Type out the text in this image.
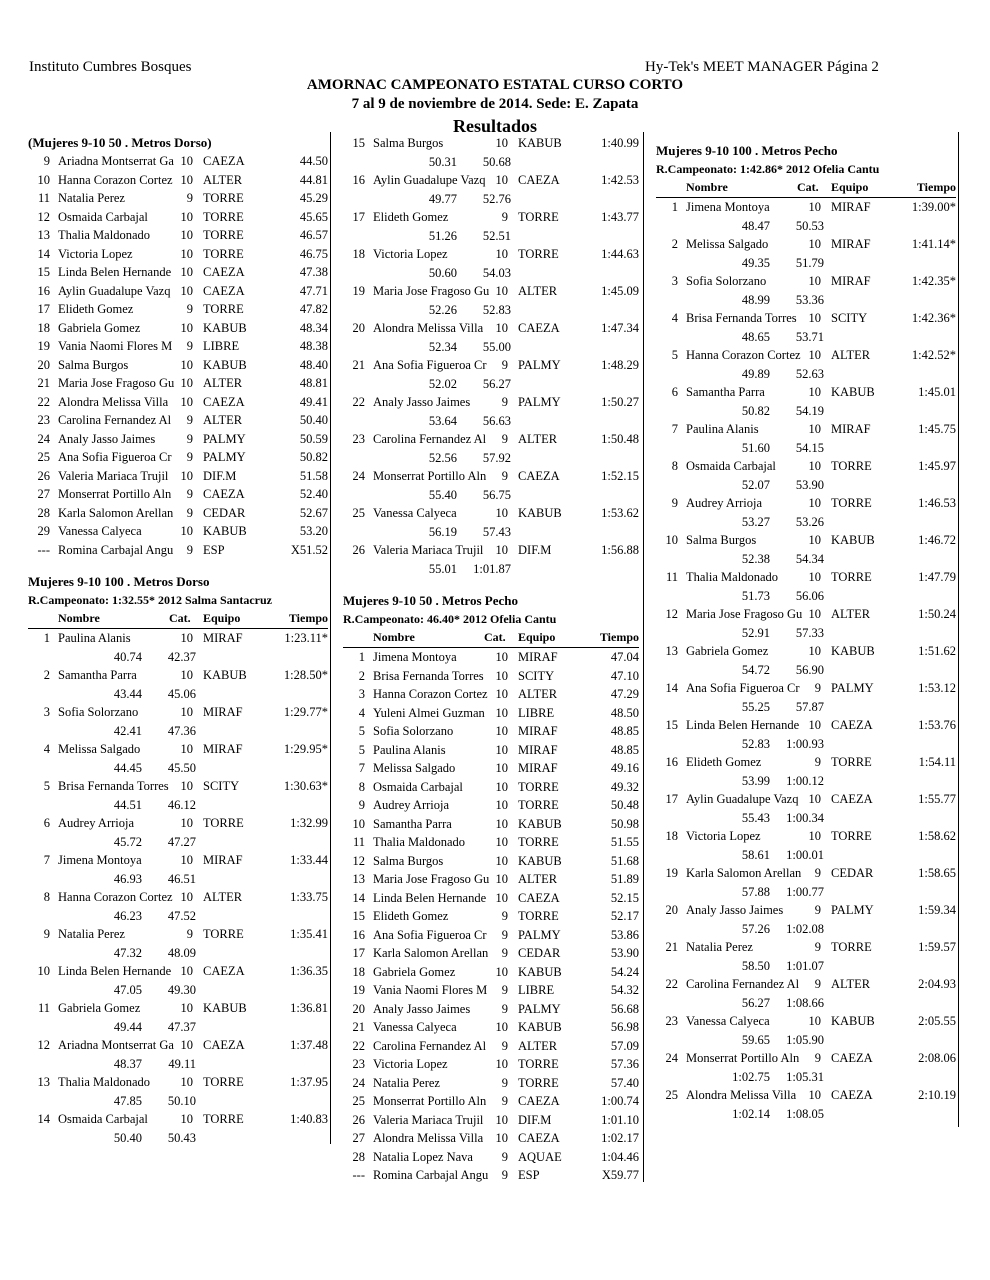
Instituto Cumbres Bosques	Hy-Tek's MEET MANAGER Página 2
AMORNAC CAMPEONATO ESTATAL CURSO CORTO
7 al 9 de noviembre de 2014. Sede: E. Zapata
Resultados
(Mujeres 9-10 50 . Metros Dorso)
9 Ariadna Montserrat Ga 10 CAEZA	44.50
10 Hanna Corazon Cortez 10 ALTER	44.81
11 Natalia Perez	9 TORRE	45.29
12 Osmaida Carbajal	10 TORRE	45.65
13 Thalia Maldonado	10 TORRE	46.57
14 Victoria Lopez	10 TORRE	46.75
15 Linda Belen Hernande 10 CAEZA	47.38
16 Aylin Guadalupe Vazq 10 CAEZA	47.71
17 Elideth Gomez	9 TORRE	47.82
18 Gabriela Gomez	10 KABUB	48.34
19 Vania Naomi Flores M	9 LIBRE	48.38
20 Salma Burgos	10 KABUB	48.40
21 Maria Jose Fragoso Gu 10 ALTER	48.81
22 Alondra Melissa Villa 10 CAEZA	49.41
23 Carolina Fernandez Al	9 ALTER	50.40
24 Analy Jasso Jaimes	9 PALMY	50.59
25 Ana Sofia Figueroa Cr	9 PALMY	50.82
26 Valeria Mariaca Trujil 10 DIF.M	51.58
27 Monserrat Portillo Aln	9 CAEZA	52.40
28 Karla Salomon Arellan	9 CEDAR	52.67
29 Vanessa Calyeca	10 KABUB	53.20
--- Romina Carbajal Angu	9 ESP	X51.52
Mujeres 9-10 100 . Metros Dorso
R.Campeonato: 1:32.55* 2012 Salma Santacruz
Nombre	Cat. Equipo	Tiempo
1 Paulina Alanis	10 MIRAF	1:23.11*
40.74	42.37
2 Samantha Parra	10 KABUB	1:28.50*
43.44	45.06
3 Sofia Solorzano	10 MIRAF	1:29.77*
42.41	47.36
4 Melissa Salgado	10 MIRAF	1:29.95*
44.45	45.50
5 Brisa Fernanda Torres 10 SCITY	1:30.63*
44.51	46.12
6 Audrey Arrioja	10 TORRE	1:32.99
45.72	47.27
7 Jimena Montoya	10 MIRAF	1:33.44
46.93	46.51
8 Hanna Corazon Cortez 10 ALTER	1:33.75
46.23	47.52
9 Natalia Perez	9 TORRE	1:35.41
47.32	48.09
10 Linda Belen Hernande 10 CAEZA	1:36.35
47.05	49.30
11 Gabriela Gomez	10 KABUB	1:36.81
49.44	47.37
12 Ariadna Montserrat Ga 10 CAEZA	1:37.48
48.37	49.11
13 Thalia Maldonado	10 TORRE	1:37.95
47.85	50.10
14 Osmaida Carbajal	10 TORRE	1:40.83
50.40	50.43
15 Salma Burgos	10 KABUB	1:40.99
50.31	50.68
16 Aylin Guadalupe Vazq 10 CAEZA	1:42.53
49.77	52.76
17 Elideth Gomez	9 TORRE	1:43.77
51.26	52.51
18 Victoria Lopez	10 TORRE	1:44.63
50.60	54.03
19 Maria Jose Fragoso Gu 10 ALTER	1:45.09
52.26	52.83
20 Alondra Melissa Villa 10 CAEZA	1:47.34
52.34	55.00
21 Ana Sofia Figueroa Cr	9 PALMY	1:48.29
52.02	56.27
22 Analy Jasso Jaimes	9 PALMY	1:50.27
53.64	56.63
23 Carolina Fernandez Al	9 ALTER	1:50.48
52.56	57.92
24 Monserrat Portillo Aln	9 CAEZA	1:52.15
55.40	56.75
25 Vanessa Calyeca	10 KABUB	1:53.62
56.19	57.43
26 Valeria Mariaca Trujil 10 DIF.M	1:56.88
55.01	1:01.87
Mujeres 9-10 50 . Metros Pecho
R.Campeonato: 46.40* 2012 Ofelia Cantu
Nombre	Cat. Equipo	Tiempo
1 Jimena Montoya	10 MIRAF	47.04
2 Brisa Fernanda Torres 10 SCITY	47.10
3 Hanna Corazon Cortez 10 ALTER	47.29
4 Yuleni Almei Guzman 10 LIBRE	48.50
5 Sofia Solorzano	10 MIRAF	48.85
5 Paulina Alanis	10 MIRAF	48.85
7 Melissa Salgado	10 MIRAF	49.16
8 Osmaida Carbajal	10 TORRE	49.32
9 Audrey Arrioja	10 TORRE	50.48
10 Samantha Parra	10 KABUB	50.98
11 Thalia Maldonado	10 TORRE	51.55
12 Salma Burgos	10 KABUB	51.68
13 Maria Jose Fragoso Gu 10 ALTER	51.89
14 Linda Belen Hernande 10 CAEZA	52.15
15 Elideth Gomez	9 TORRE	52.17
16 Ana Sofia Figueroa Cr	9 PALMY	53.86
17 Karla Salomon Arellan	9 CEDAR	53.90
18 Gabriela Gomez	10 KABUB	54.24
19 Vania Naomi Flores M	9 LIBRE	54.32
20 Analy Jasso Jaimes	9 PALMY	56.68
21 Vanessa Calyeca	10 KABUB	56.98
22 Carolina Fernandez Al	9 ALTER	57.09
23 Victoria Lopez	10 TORRE	57.36
24 Natalia Perez	9 TORRE	57.40
25 Monserrat Portillo Aln	9 CAEZA	1:00.74
26 Valeria Mariaca Trujil 10 DIF.M	1:01.10
27 Alondra Melissa Villa 10 CAEZA	1:02.17
28 Natalia Lopez Nava	9 AQUAE	1:04.46
--- Romina Carbajal Angu	9 ESP	X59.77
Mujeres 9-10 100 . Metros Pecho
R.Campeonato: 1:42.86* 2012 Ofelia Cantu
Nombre	Cat. Equipo	Tiempo
1 Jimena Montoya	10 MIRAF	1:39.00*
48.47	50.53
2 Melissa Salgado	10 MIRAF	1:41.14*
49.35	51.79
3 Sofia Solorzano	10 MIRAF	1:42.35*
48.99	53.36
4 Brisa Fernanda Torres 10 SCITY	1:42.36*
48.65	53.71
5 Hanna Corazon Cortez 10 ALTER	1:42.52*
49.89	52.63
6 Samantha Parra	10 KABUB	1:45.01
50.82	54.19
7 Paulina Alanis	10 MIRAF	1:45.75
51.60	54.15
8 Osmaida Carbajal	10 TORRE	1:45.97
52.07	53.90
9 Audrey Arrioja	10 TORRE	1:46.53
53.27	53.26
10 Salma Burgos	10 KABUB	1:46.72
52.38	54.34
11 Thalia Maldonado	10 TORRE	1:47.79
51.73	56.06
12 Maria Jose Fragoso Gu 10 ALTER	1:50.24
52.91	57.33
13 Gabriela Gomez	10 KABUB	1:51.62
54.72	56.90
14 Ana Sofia Figueroa Cr	9 PALMY	1:53.12
55.25	57.87
15 Linda Belen Hernande 10 CAEZA	1:53.76
52.83	1:00.93
16 Elideth Gomez	9 TORRE	1:54.11
53.99	1:00.12
17 Aylin Guadalupe Vazq 10 CAEZA	1:55.77
55.43	1:00.34
18 Victoria Lopez	10 TORRE	1:58.62
58.61	1:00.01
19 Karla Salomon Arellan	9 CEDAR	1:58.65
57.88	1:00.77
20 Analy Jasso Jaimes	9 PALMY	1:59.34
57.26	1:02.08
21 Natalia Perez	9 TORRE	1:59.57
58.50	1:01.07
22 Carolina Fernandez Al	9 ALTER	2:04.93
56.27	1:08.66
23 Vanessa Calyeca	10 KABUB	2:05.55
59.65	1:05.90
24 Monserrat Portillo Aln	9 CAEZA	2:08.06
1:02.75	1:05.31
25 Alondra Melissa Villa 10 CAEZA	2:10.19
1:02.14	1:08.05
